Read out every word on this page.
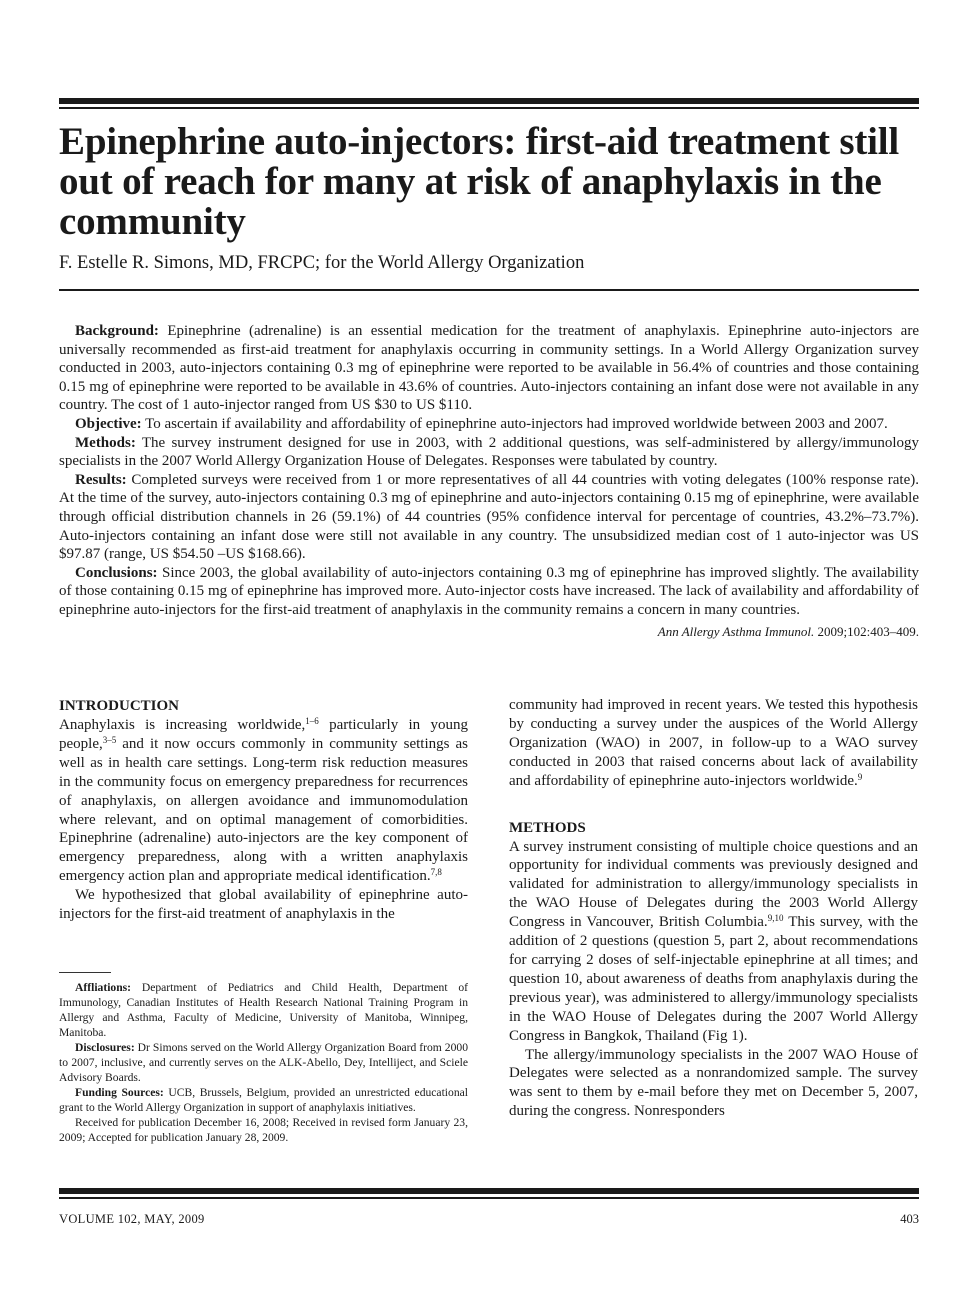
Epinephrine auto-injectors: first-aid treatment still out of reach for many at risk of anaphylaxis in the community
F. Estelle R. Simons, MD, FRCPC; for the World Allergy Organization

Background: Epinephrine (adrenaline) is an essential medication for the treatment of anaphylaxis. Epinephrine auto-injectors are universally recommended as first-aid treatment for anaphylaxis occurring in community settings. In a World Allergy Organization survey conducted in 2003, auto-injectors containing 0.3 mg of epinephrine were reported to be available in 56.4% of countries and those containing 0.15 mg of epinephrine were reported to be available in 43.6% of countries. Auto-injectors containing an infant dose were not available in any country. The cost of 1 auto-injector ranged from US $30 to US $110.

Objective: To ascertain if availability and affordability of epinephrine auto-injectors had improved worldwide between 2003 and 2007.

Methods: The survey instrument designed for use in 2003, with 2 additional questions, was self-administered by allergy/immunology specialists in the 2007 World Allergy Organization House of Delegates. Responses were tabulated by country.

Results: Completed surveys were received from 1 or more representatives of all 44 countries with voting delegates (100% response rate). At the time of the survey, auto-injectors containing 0.3 mg of epinephrine and auto-injectors containing 0.15 mg of epinephrine, were available through official distribution channels in 26 (59.1%) of 44 countries (95% confidence interval for percentage of countries, 43.2%–73.7%). Auto-injectors containing an infant dose were still not available in any country. The unsubsidized median cost of 1 auto-injector was US $97.87 (range, US $54.50 –US $168.66).

Conclusions: Since 2003, the global availability of auto-injectors containing 0.3 mg of epinephrine has improved slightly. The availability of those containing 0.15 mg of epinephrine has improved more. Auto-injector costs have increased. The lack of availability and affordability of epinephrine auto-injectors for the first-aid treatment of anaphylaxis in the community remains a concern in many countries.

Ann Allergy Asthma Immunol. 2009;102:403–409.
INTRODUCTION

Anaphylaxis is increasing worldwide,$^{1-6}$ particularly in young people,$^{3-5}$ and it now occurs commonly in community settings as well as in health care settings. Long-term risk reduction measures in the community focus on emergency preparedness for recurrences of anaphylaxis, on allergen avoidance and immunomodulation where relevant, and on optimal management of comorbidities. Epinephrine (adrenaline) auto-injectors are the key component of emergency preparedness, along with a written anaphylaxis emergency action plan and appropriate medical identification.$^{7,8}$

We hypothesized that global availability of epinephrine auto-injectors for the first-aid treatment of anaphylaxis in the

Affliations: Department of Pediatrics and Child Health, Department of Immunology, Canadian Institutes of Health Research National Training Program in Allergy and Asthma, Faculty of Medicine, University of Manitoba, Winnipeg, Manitoba.

Disclosures: Dr Simons served on the World Allergy Organization Board from 2000 to 2007, inclusive, and currently serves on the ALK-Abello, Dey, Intelliject, and Sciele Advisory Boards.

Funding Sources: UCB, Brussels, Belgium, provided an unrestricted educational grant to the World Allergy Organization in support of anaphylaxis initiatives.

Received for publication December 16, 2008; Received in revised form January 23, 2009; Accepted for publication January 28, 2009.

community had improved in recent years. We tested this hypothesis by conducting a survey under the auspices of the World Allergy Organization (WAO) in 2007, in follow-up to a WAO survey conducted in 2003 that raised concerns about lack of availability and affordability of epinephrine auto-injectors worldwide.$^9$

METHODS

A survey instrument consisting of multiple choice questions and an opportunity for individual comments was previously designed and validated for administration to allergy/immunology specialists in the WAO House of Delegates during the 2003 World Allergy Congress in Vancouver, British Columbia.$^{9,10}$ This survey, with the addition of 2 questions (question 5, part 2, about recommendations for carrying 2 doses of self-injectable epinephrine at all times; and question 10, about awareness of deaths from anaphylaxis during the previous year), was administered to allergy/immunology specialists in the WAO House of Delegates during the 2007 World Allergy Congress in Bangkok, Thailand (Fig 1).

The allergy/immunology specialists in the 2007 WAO House of Delegates were selected as a nonrandomized sample. The survey was sent to them by e-mail before they met on December 5, 2007, during the congress. Nonresponders

VOLUME 102, MAY, 2009	403
